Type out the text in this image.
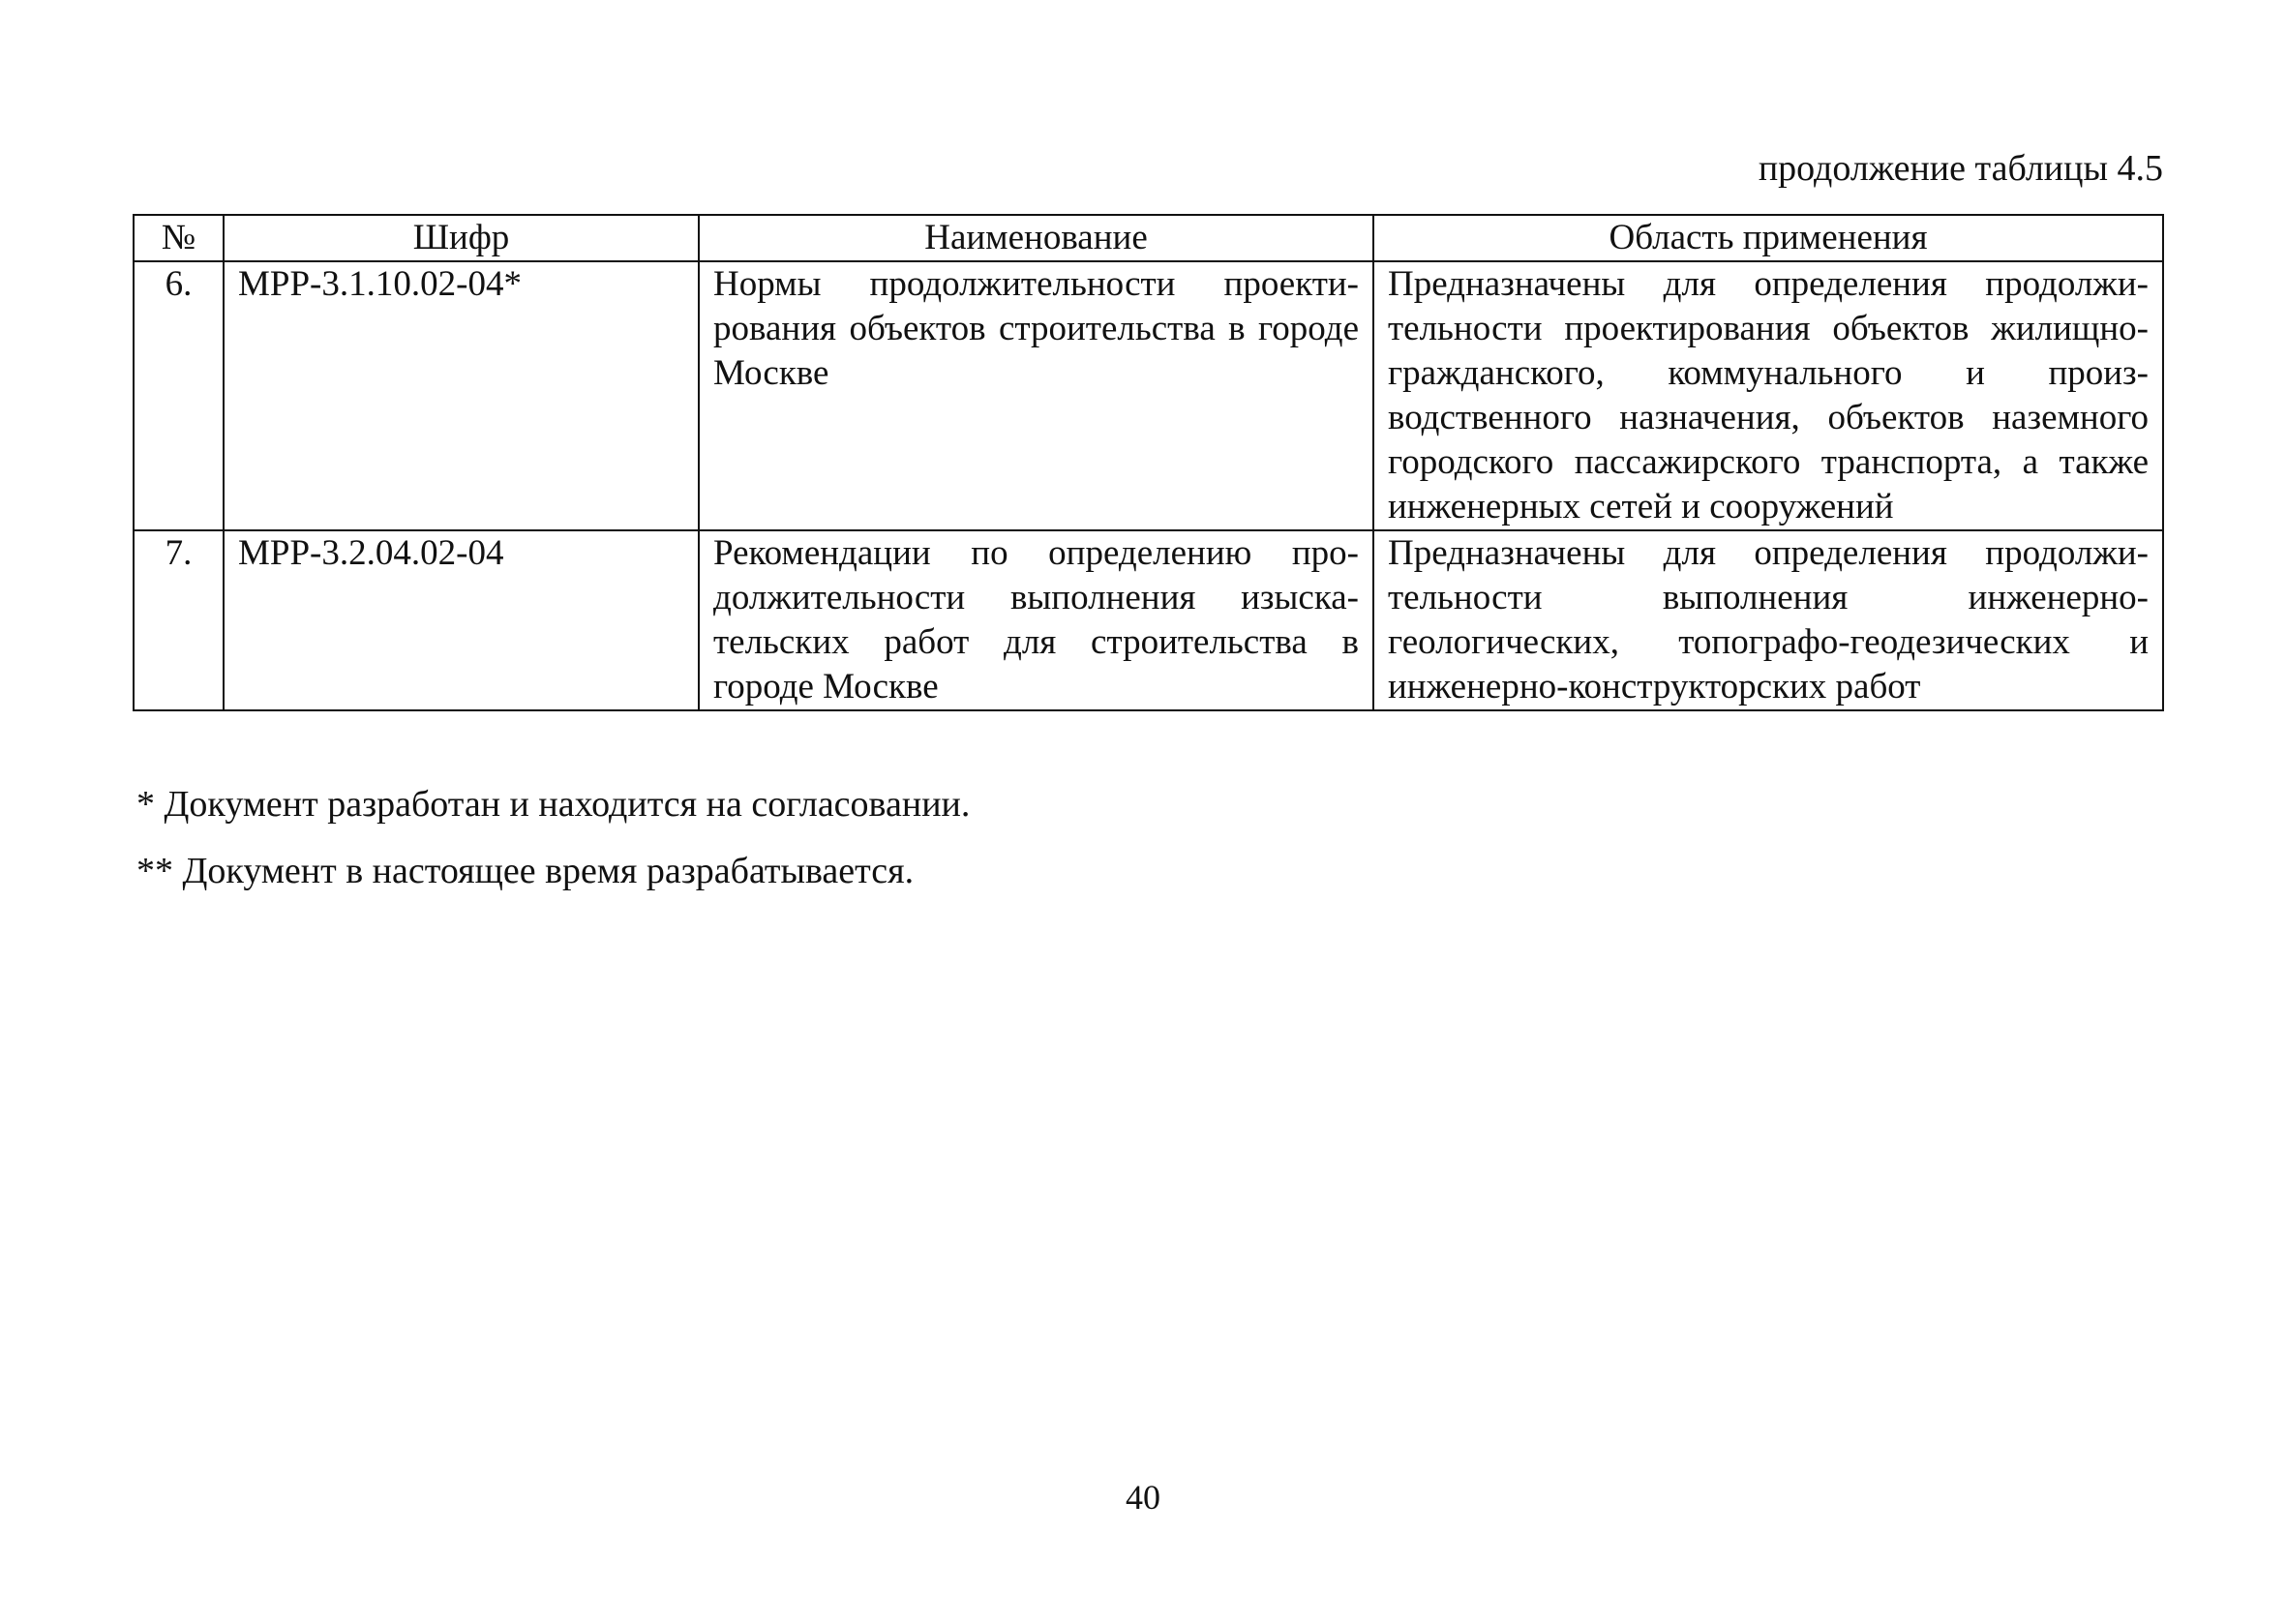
продолжение таблицы 4.5
№	Шифр	Наименование	Область применения
6.	МРР-3.1.10.02-04*	Нормы продолжительности проектирования объектов строительства в городе Москве	Предназначены для определения продолжительности проектирования объектов жилищно-гражданского, коммунального и производственного назначения, объектов наземного городского пассажирского транспорта, а также инженерных сетей и сооружений
7.	МРР-3.2.04.02-04	Рекомендации по определению продолжительности выполнения изыскательских работ для строительства в городе Москве	Предназначены для определения продолжительности выполнения инженерно-геологических, топографо-геодезических и инженерно-конструкторских работ
* Документ разработан и находится на согласовании.
** Документ в настоящее время разрабатывается.
40
